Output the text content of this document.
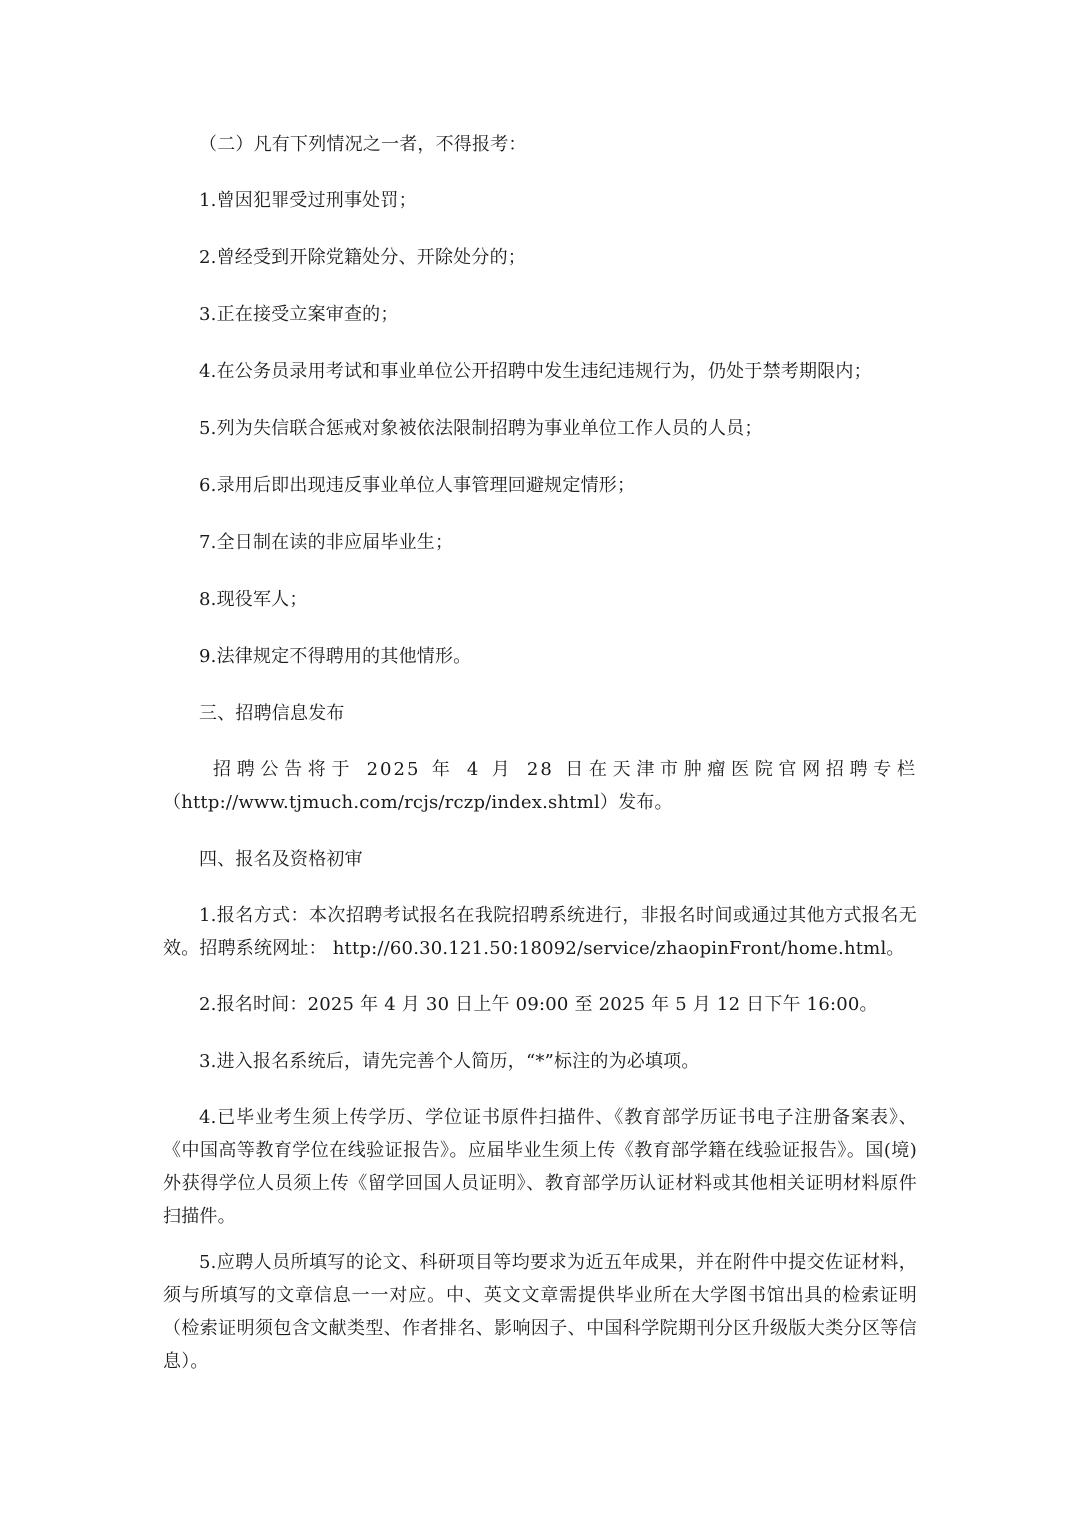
（二）凡有下列情况之一者，不得报考：

1.曾因犯罪受过刑事处罚；

2.曾经受到开除党籍处分、开除处分的；

3.正在接受立案审查的；

4.在公务员录用考试和事业单位公开招聘中发生违纪违规行为，仍处于禁考期限内；

5.列为失信联合惩戒对象被依法限制招聘为事业单位工作人员的人员；

6.录用后即出现违反事业单位人事管理回避规定情形；

7.全日制在读的非应届毕业生；

8.现役军人；

9.法律规定不得聘用的其他情形。

三、招聘信息发布

招聘公告将于 2025 年 4 月 28 日在天津市肿瘤医院官网招聘专栏

（http://www.tjmuch.com/rcjs/rczp/index.shtml）发布。

四、报名及资格初审

1.报名方式：本次招聘考试报名在我院招聘系统进行，非报名时间或通过其他方式报名无效。招聘系统网址： http://60.30.121.50:18092/service/zhaopinFront/home.html。

2.报名时间：2025 年 4 月 30 日上午 09:00 至 2025 年 5 月 12 日下午 16:00。

3.进入报名系统后，请先完善个人简历，“*”标注的为必填项。

4.已毕业考生须上传学历、学位证书原件扫描件、《教育部学历证书电子注册备案表》、《中国高等教育学位在线验证报告》。应届毕业生须上传《教育部学籍在线验证报告》。国(境)外获得学位人员须上传《留学回国人员证明》、教育部学历认证材料或其他相关证明材料原件扫描件。

5.应聘人员所填写的论文、科研项目等均要求为近五年成果，并在附件中提交佐证材料，须与所填写的文章信息一一对应。中、英文文章需提供毕业所在大学图书馆出具的检索证明（检索证明须包含文献类型、作者排名、影响因子、中国科学院期刊分区升级版大类分区等信息）。
